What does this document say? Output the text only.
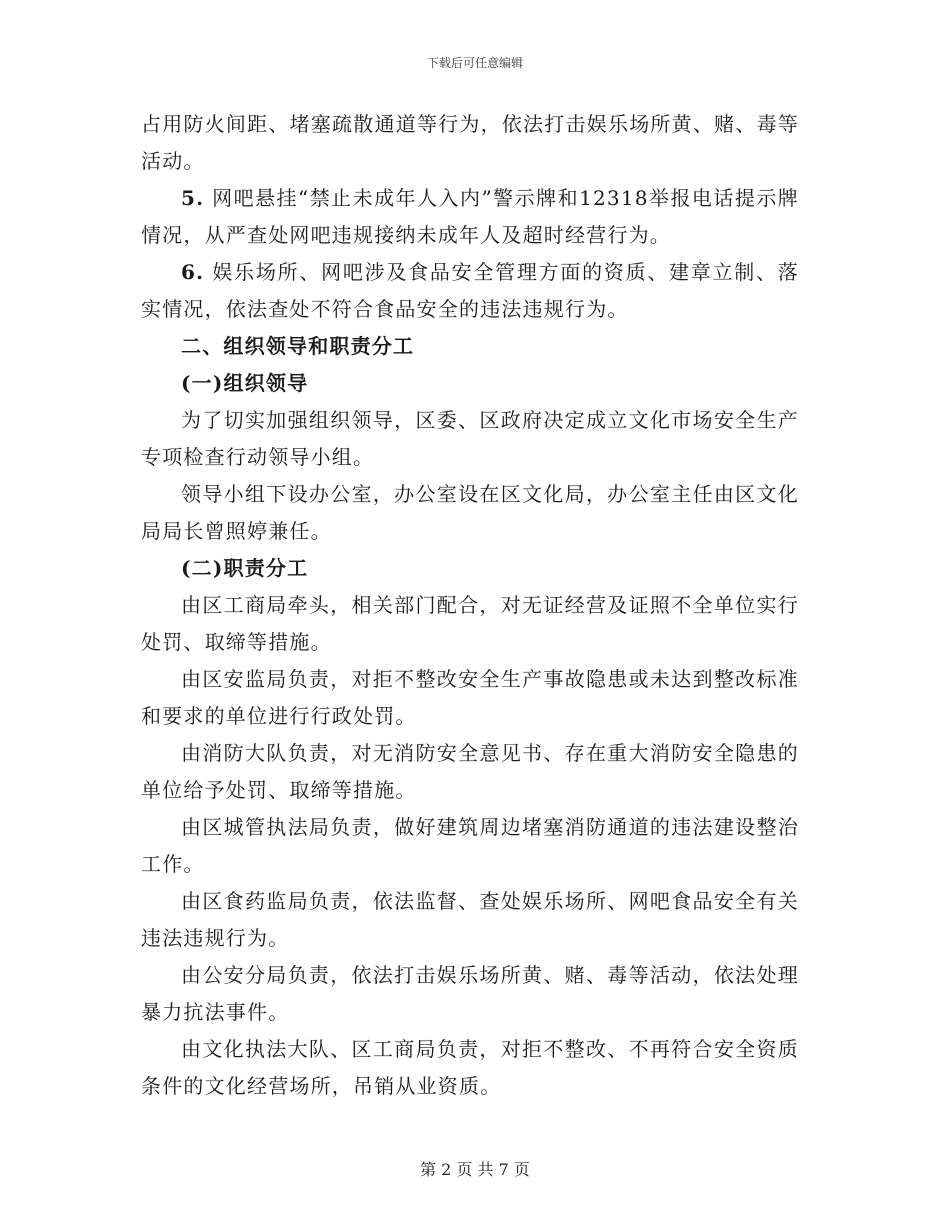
下载后可任意编辑

占用防火间距、堵塞疏散通道等行为，依法打击娱乐场所黄、赌、毒等活动。

5. 网吧悬挂“禁止未成年人入内”警示牌和12318举报电话提示牌情况，从严查处网吧违规接纳未成年人及超时经营行为。

6. 娱乐场所、网吧涉及食品安全管理方面的资质、建章立制、落实情况，依法查处不符合食品安全的违法违规行为。

二、组织领导和职责分工

(一)组织领导

为了切实加强组织领导，区委、区政府决定成立文化市场安全生产专项检查行动领导小组。

领导小组下设办公室，办公室设在区文化局，办公室主任由区文化局局长曾照婷兼任。

(二)职责分工

由区工商局牵头，相关部门配合，对无证经营及证照不全单位实行处罚、取缔等措施。

由区安监局负责，对拒不整改安全生产事故隐患或未达到整改标准和要求的单位进行行政处罚。

由消防大队负责，对无消防安全意见书、存在重大消防安全隐患的单位给予处罚、取缔等措施。

由区城管执法局负责，做好建筑周边堵塞消防通道的违法建设整治工作。

由区食药监局负责，依法监督、查处娱乐场所、网吧食品安全有关违法违规行为。

由公安分局负责，依法打击娱乐场所黄、赌、毒等活动，依法处理暴力抗法事件。

由文化执法大队、区工商局负责，对拒不整改、不再符合安全资质条件的文化经营场所，吊销从业资质。

第 2 页 共 7 页
